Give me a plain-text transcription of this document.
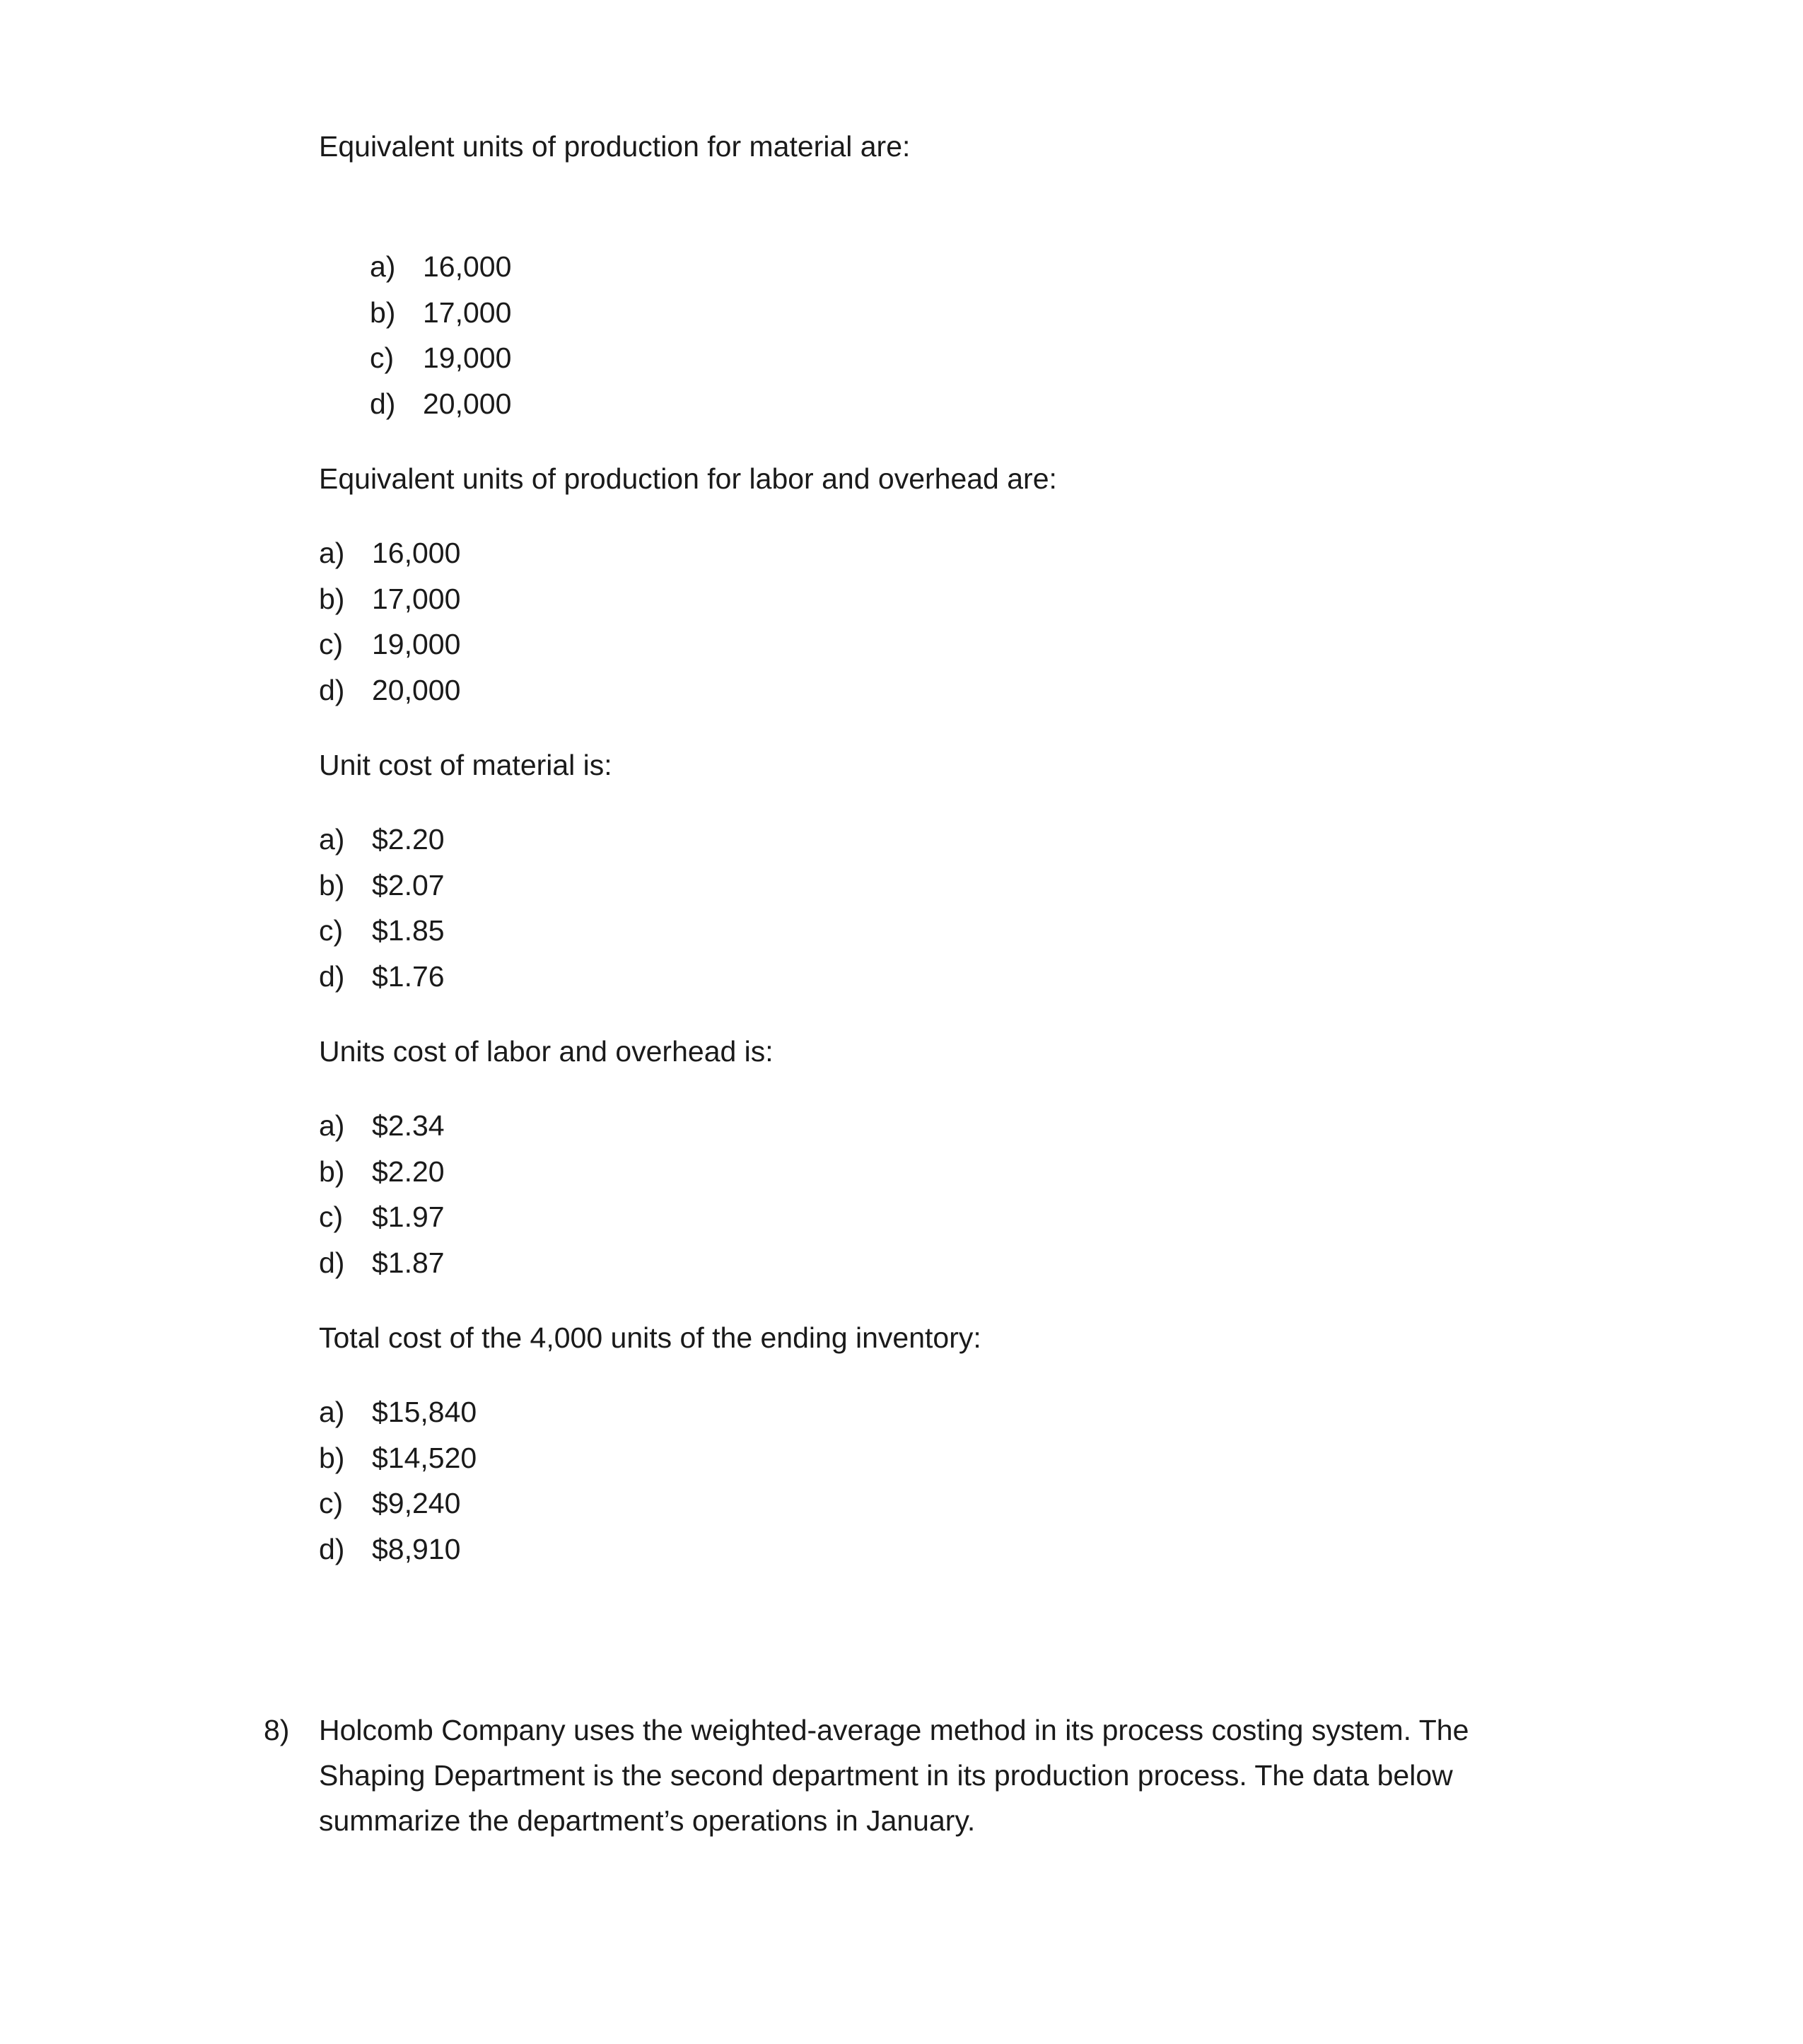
Equivalent units of production for material are:
a) 16,000
b) 17,000
c) 19,000
d) 20,000
Equivalent units of production for labor and overhead are:
a) 16,000
b) 17,000
c) 19,000
d) 20,000
Unit cost of material is:
a) $2.20
b) $2.07
c) $1.85
d) $1.76
Units cost of labor and overhead is:
a) $2.34
b) $2.20
c) $1.97
d) $1.87
Total cost of the 4,000 units of the ending inventory:
a) $15,840
b) $14,520
c) $9,240
d) $8,910
8) Holcomb Company uses the weighted-average method in its process costing system. The Shaping Department is the second department in its production process. The data below summarize the department’s operations in January.
